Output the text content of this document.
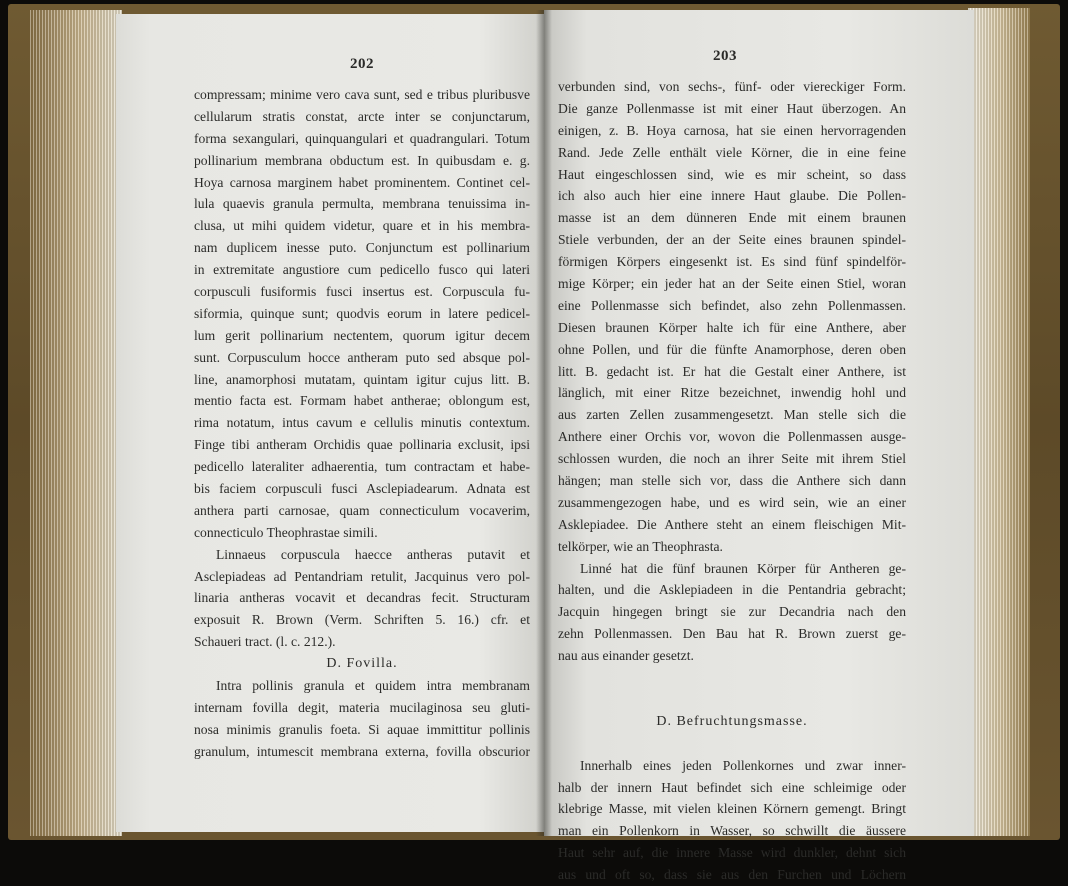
202	203
compressam; minime vero cava sunt, sed e tribus pluribusve
cellularum stratis constat, arcte inter se conjunctarum,
forma sexangulari, quinquangulari et quadrangulari. Totum
pollinarium membrana obductum est. In quibusdam e. g.
Hoya carnosa marginem habet prominentem. Continet cel-
lula quaevis granula permulta, membrana tenuissima in-
clusa, ut mihi quidem videtur, quare et in his membra-
nam duplicem inesse puto. Conjunctum est pollinarium
in extremitate angustiore cum pedicello fusco qui lateri
corpusculi fusiformis fusci insertus est. Corpuscula fu-
siformia, quinque sunt; quodvis eorum in latere pedicel-
lum gerit pollinarium nectentem, quorum igitur decem
sunt. Corpusculum hocce antheram puto sed absque pol-
line, anamorphosi mutatam, quintam igitur cujus litt. B.
mentio facta est. Formam habet antherae; oblongum est,
rima notatum, intus cavum e cellulis minutis contextum.
Finge tibi antheram Orchidis quae pollinaria exclusit, ipsi
pedicello lateraliter adhaerentia, tum contractam et habe-
bis faciem corpusculi fusci Asclepiadearum. Adnata est
anthera parti carnosae, quam connecticulum vocaverim,
connecticulo Theophrastae simili.
Linnaeus corpuscula haecce antheras putavit et
Asclepiadeas ad Pentandriam retulit, Jacquinus vero pol-
linaria antheras vocavit et decandras fecit. Structuram
exposuit R. Brown (Verm. Schriften 5. 16.) cfr. et
Schaueri tract. (l. c. 212.).
D. Fovilla.
Intra pollinis granula et quidem intra membranam
internam fovilla degit, materia mucilaginosa seu gluti-
nosa minimis granulis foeta. Si aquae immittitur pollinis
granulum, intumescit membrana externa, fovilla obscurior
verbunden sind, von sechs-, fünf- oder viereckiger Form.
Die ganze Pollenmasse ist mit einer Haut überzogen. An
einigen, z. B. Hoya carnosa, hat sie einen hervorragenden
Rand. Jede Zelle enthält viele Körner, die in eine feine
Haut eingeschlossen sind, wie es mir scheint, so dass
ich also auch hier eine innere Haut glaube. Die Pollen-
masse ist an dem dünneren Ende mit einem braunen
Stiele verbunden, der an der Seite eines braunen spindel-
förmigen Körpers eingesenkt ist. Es sind fünf spindelför-
mige Körper; ein jeder hat an der Seite einen Stiel, woran
eine Pollenmasse sich befindet, also zehn Pollenmassen.
Diesen braunen Körper halte ich für eine Anthere, aber
ohne Pollen, und für die fünfte Anamorphose, deren oben
litt. B. gedacht ist. Er hat die Gestalt einer Anthere, ist
länglich, mit einer Ritze bezeichnet, inwendig hohl und
aus zarten Zellen zusammengesetzt. Man stelle sich die
Anthere einer Orchis vor, wovon die Pollenmassen ausge-
schlossen wurden, die noch an ihrer Seite mit ihrem Stiel
hängen; man stelle sich vor, dass die Anthere sich dann
zusammengezogen habe, und es wird sein, wie an einer
Asklepiadee. Die Anthere steht an einem fleischigen Mit-
telkörper, wie an Theophrasta.
Linné hat die fünf braunen Körper für Antheren ge-
halten, und die Asklepiadeen in die Pentandria gebracht;
Jacquin hingegen bringt sie zur Decandria nach den
zehn Pollenmassen. Den Bau hat R. Brown zuerst ge-
nau aus einander gesetzt.
D. Befruchtungsmasse.
Innerhalb eines jeden Pollenkornes und zwar inner-
halb der innern Haut befindet sich eine schleimige oder
klebrige Masse, mit vielen kleinen Körnern gemengt. Bringt
man ein Pollenkorn in Wasser, so schwillt die äussere
Haut sehr auf, die innere Masse wird dunkler, dehnt sich
aus und oft so, dass sie aus den Furchen und Löchern
